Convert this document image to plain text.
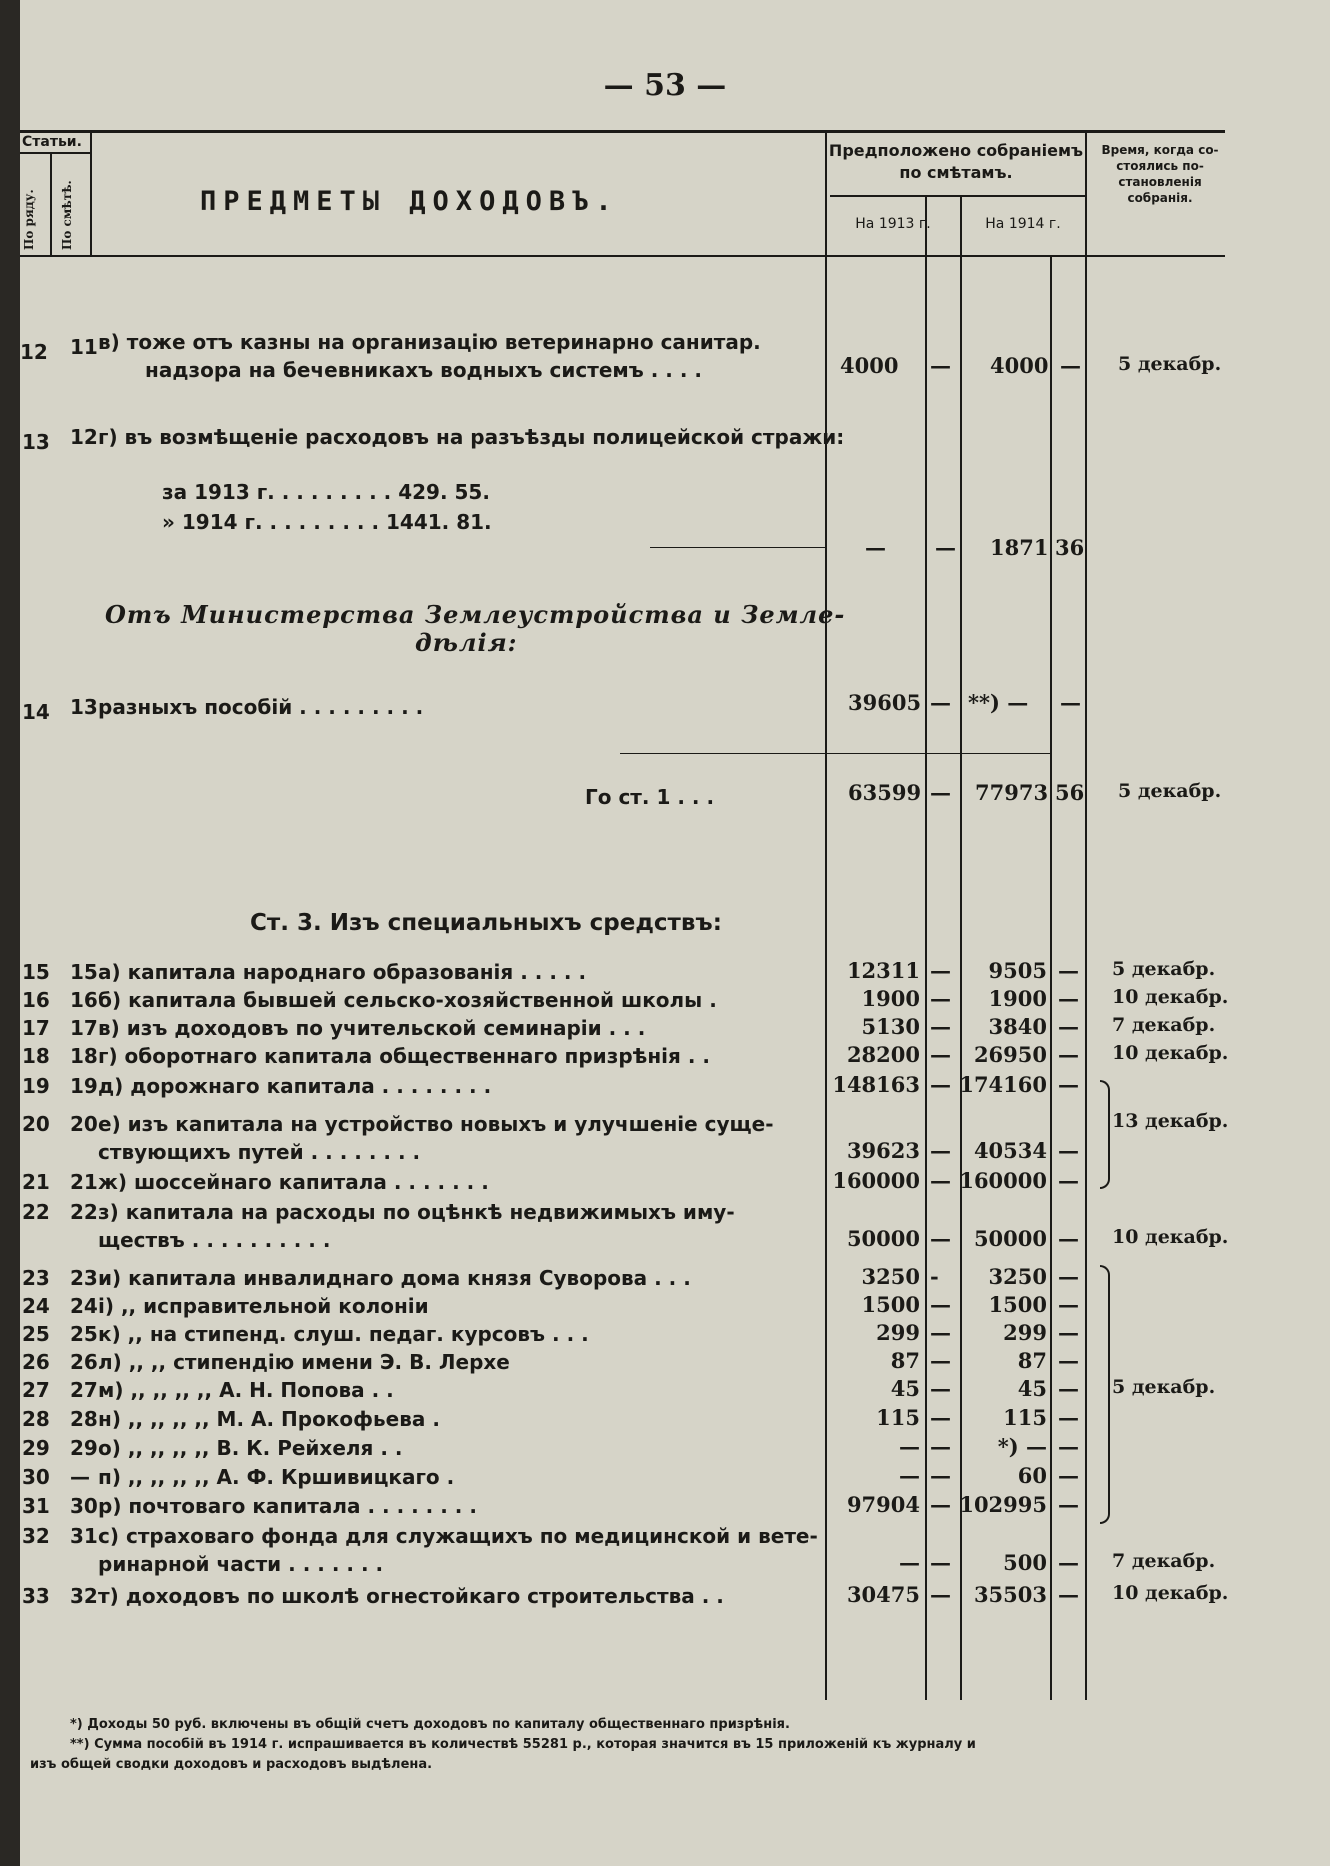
— 53 —
Статьи.
По ряду. По смѣтѣ.	ПРЕДМЕТЫ ДОХОДОВЪ.
Предположено собраніемъ
по смѣтамъ.
На 1913 г.	На 1914 г.
Время, когда со- стоялись по- становленія собранія.
12 11 в) тоже отъ казны на организацію ветеринарно санитар.
надзора на бечевникахъ водныхъ системъ . . . .	4000 — 4000 — 5 декабр.
13 12 г) въ возмѣщеніе расходовъ на разъѣзды полицейской стражи:
за 1913 г. . . . . . . . . 429. 55.
» 1914 г. . . . . . . . . 1441. 81.
— — 1871 36
Отъ Министерства Землеустройства и Земле-
дѣлія:
14 13 разныхъ пособій . . . . . . . . .	39605 — **) — —
Го ст. 1 . . .	63599 — 77973 56 5 декабр.
Ст. 3. Изъ специальныхъ средствъ:
15 15 а) капитала народнаго образованія . . . . .	12311 —	9505 — 5 декабр.
16 16 б) капитала бывшей сельско-хозяйственной школы .	1900 —	1900 — 10 декабр.
17 17 в) изъ доходовъ по учительской семинаріи . . .	5130 —	3840 — 7 декабр.
18 18 г) оборотнаго капитала общественнаго призрѣнія . .	28200 —	26950 — 10 декабр.
19 19 д) дорожнаго капитала . . . . . . . .	148163 — 174160 —
20 20 е) изъ капитала на устройство новыхъ и улучшеніе суще-	13 декабр.
ствующихъ путей . . . . . . . .	39623 —	40534 —
21 21 ж) шоссейнаго капитала . . . . . . .	160000 — 160000 —
22 22 з) капитала на расходы по оцѣнкѣ недвижимыхъ иму-
ществъ . . . . . . . . . .	50000 —	50000 — 10 декабр.
23 23 и) капитала инвалиднаго дома князя Суворова . . .	3250 -	3250 —
24 24 і) ,, исправительной колоніи	1500 —	1500 —
25 25 к) ,, на стипенд. слуш. педаг. курсовъ . . .	299 —	299 —
26 26 л) ,, ,, стипендію имени Э. В. Лерхе	87 —	87 —
27 27 м) ,, ,, ,, ,, А. Н. Попова . .	45 —	45 — 5 декабр.
28 28 н) ,, ,, ,, ,, М. А. Прокофьева .	115 —	115 —
29 29 о) ,, ,, ,, ,, В. К. Рейхеля . .	— —	*) — —
30 — п) ,, ,, ,, ,, А. Ф. Кршивицкаго .	— —	60 —
31 30 р) почтоваго капитала . . . . . . . .	97904 — 102995 —
32 31 с) страховаго фонда для служащихъ по медицинской и вете-
ринарной части . . . . . . .	— —	500 — 7 декабр.
33 32 т) доходовъ по школѣ огнестойкаго строительства . .	30475 —	35503 — 10 декабр.
*) Доходы 50 руб. включены въ общій счетъ доходовъ по капиталу общественнаго призрѣнія.
**) Сумма пособій въ 1914 г. испрашивается въ количествѣ 55281 р., которая значится въ 15 приложеній къ журналу и
изъ общей сводки доходовъ и расходовъ выдѣлена.
